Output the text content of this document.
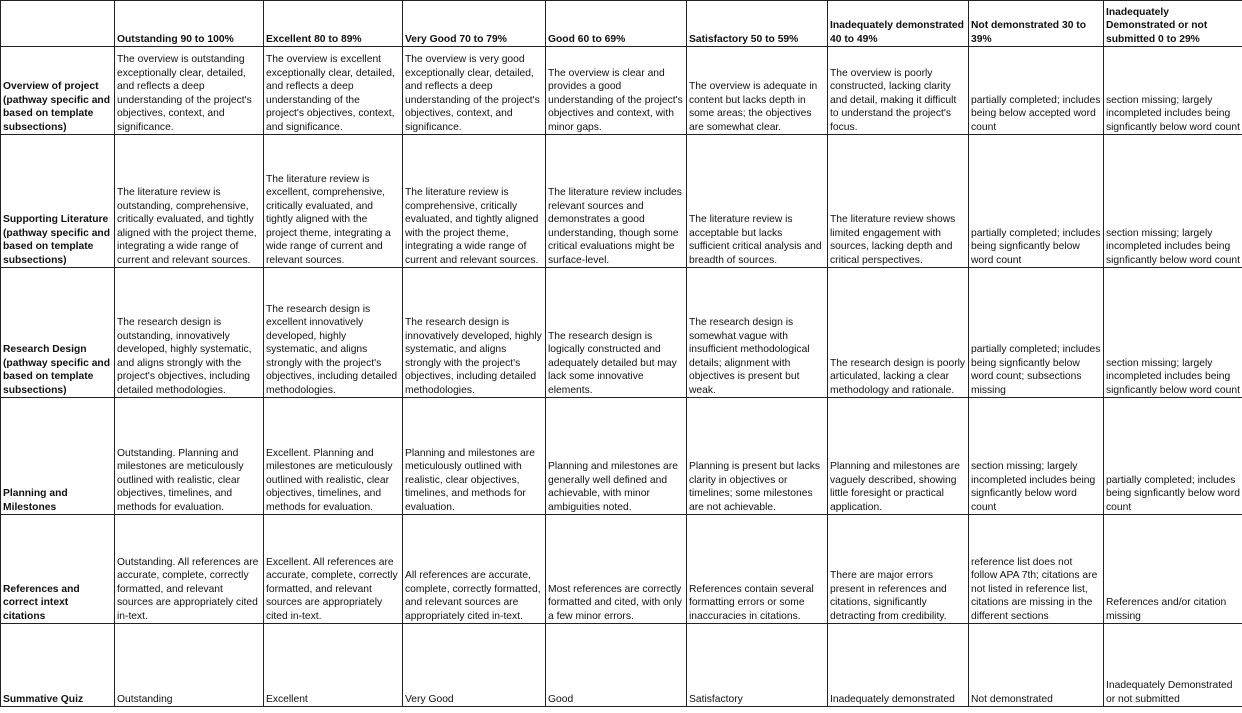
	Outstanding 90 to 100%	Excellent 80 to 89%	Very Good 70 to 79%	Good 60 to 69%	Satisfactory 50 to 59%	Inadequately demonstrated 40 to 49%	Not demonstrated 30 to 39%	Inadequately Demonstrated or not submitted 0 to 29%
Overview of project (pathway specific and based on template subsections)	The overview is outstanding exceptionally clear, detailed, and reflects a deep understanding of the project's objectives, context, and significance.	The overview is excellent exceptionally clear, detailed, and reflects a deep understanding of the project's objectives, context, and significance.	The overview is very good exceptionally clear, detailed, and reflects a deep understanding of the project's objectives, context, and significance.	The overview is clear and provides a good understanding of the project's objectives and context, with minor gaps.	The overview is adequate in content but lacks depth in some areas; the objectives are somewhat clear.	The overview is poorly constructed, lacking clarity and detail, making it difficult to understand the project's focus.	partially completed; includes being below accepted word count	section missing; largely incompleted includes being signficantly below word count
Supporting Literature (pathway specific and based on template subsections)	The literature review is outstanding, comprehensive, critically evaluated, and tightly aligned with the project theme, integrating a wide range of current and relevant sources.	The literature review is excellent, comprehensive, critically evaluated, and tightly aligned with the project theme, integrating a wide range of current and relevant sources.	The literature review is comprehensive, critically evaluated, and tightly aligned with the project theme, integrating a wide range of current and relevant sources.	The literature review includes relevant sources and demonstrates a good understanding, though some critical evaluations might be surface-level.	The literature review is acceptable but lacks sufficient critical analysis and breadth of sources.	The literature review shows limited engagement with sources, lacking depth and critical perspectives.	partially completed; includes being signficantly below word count	section missing; largely incompleted includes being signficantly below word count
Research Design (pathway specific and based on template subsections)	The research design is outstanding, innovatively developed, highly systematic, and aligns strongly with the project's objectives, including detailed methodologies.	The research design is excellent innovatively developed, highly systematic, and aligns strongly with the project's objectives, including detailed methodologies.	The research design is innovatively developed, highly systematic, and aligns strongly with the project's objectives, including detailed methodologies.	The research design is logically constructed and adequately detailed but may lack some innovative elements.	The research design is somewhat vague with insufficient methodological details; alignment with objectives is present but weak.	The research design is poorly articulated, lacking a clear methodology and rationale.	partially completed; includes being signficantly below word count; subsections missing	section missing; largely incompleted includes being signficantly below word count
Planning and Milestones	Outstanding. Planning and milestones are meticulously outlined with realistic, clear objectives, timelines, and methods for evaluation.	Excellent. Planning and milestones are meticulously outlined with realistic, clear objectives, timelines, and methods for evaluation.	Planning and milestones are meticulously outlined with realistic, clear objectives, timelines, and methods for evaluation.	Planning and milestones are generally well defined and achievable, with minor ambiguities noted.	Planning is present but lacks clarity in objectives or timelines; some milestones are not achievable.	Planning and milestones are vaguely described, showing little foresight or practical application.	section missing; largely incompleted includes being signficantly below word count	partially completed; includes being signficantly below word count
References and correct intext citations	Outstanding. All references are accurate, complete, correctly formatted, and relevant sources are appropriately cited in-text.	Excellent. All references are accurate, complete, correctly formatted, and relevant sources are appropriately cited in-text.	All references are accurate, complete, correctly formatted, and relevant sources are appropriately cited in-text.	Most references are correctly formatted and cited, with only a few minor errors.	References contain several formatting errors or some inaccuracies in citations.	There are major errors present in references and citations, significantly detracting from credibility.	reference list does not follow APA 7th; citations are not listed in reference list, citations are missing in the different sections	References and/or citation missing
Summative Quiz	Outstanding	Excellent	Very Good	Good	Satisfactory	Inadequately demonstrated	Not demonstrated	Inadequately Demonstrated or not submitted
